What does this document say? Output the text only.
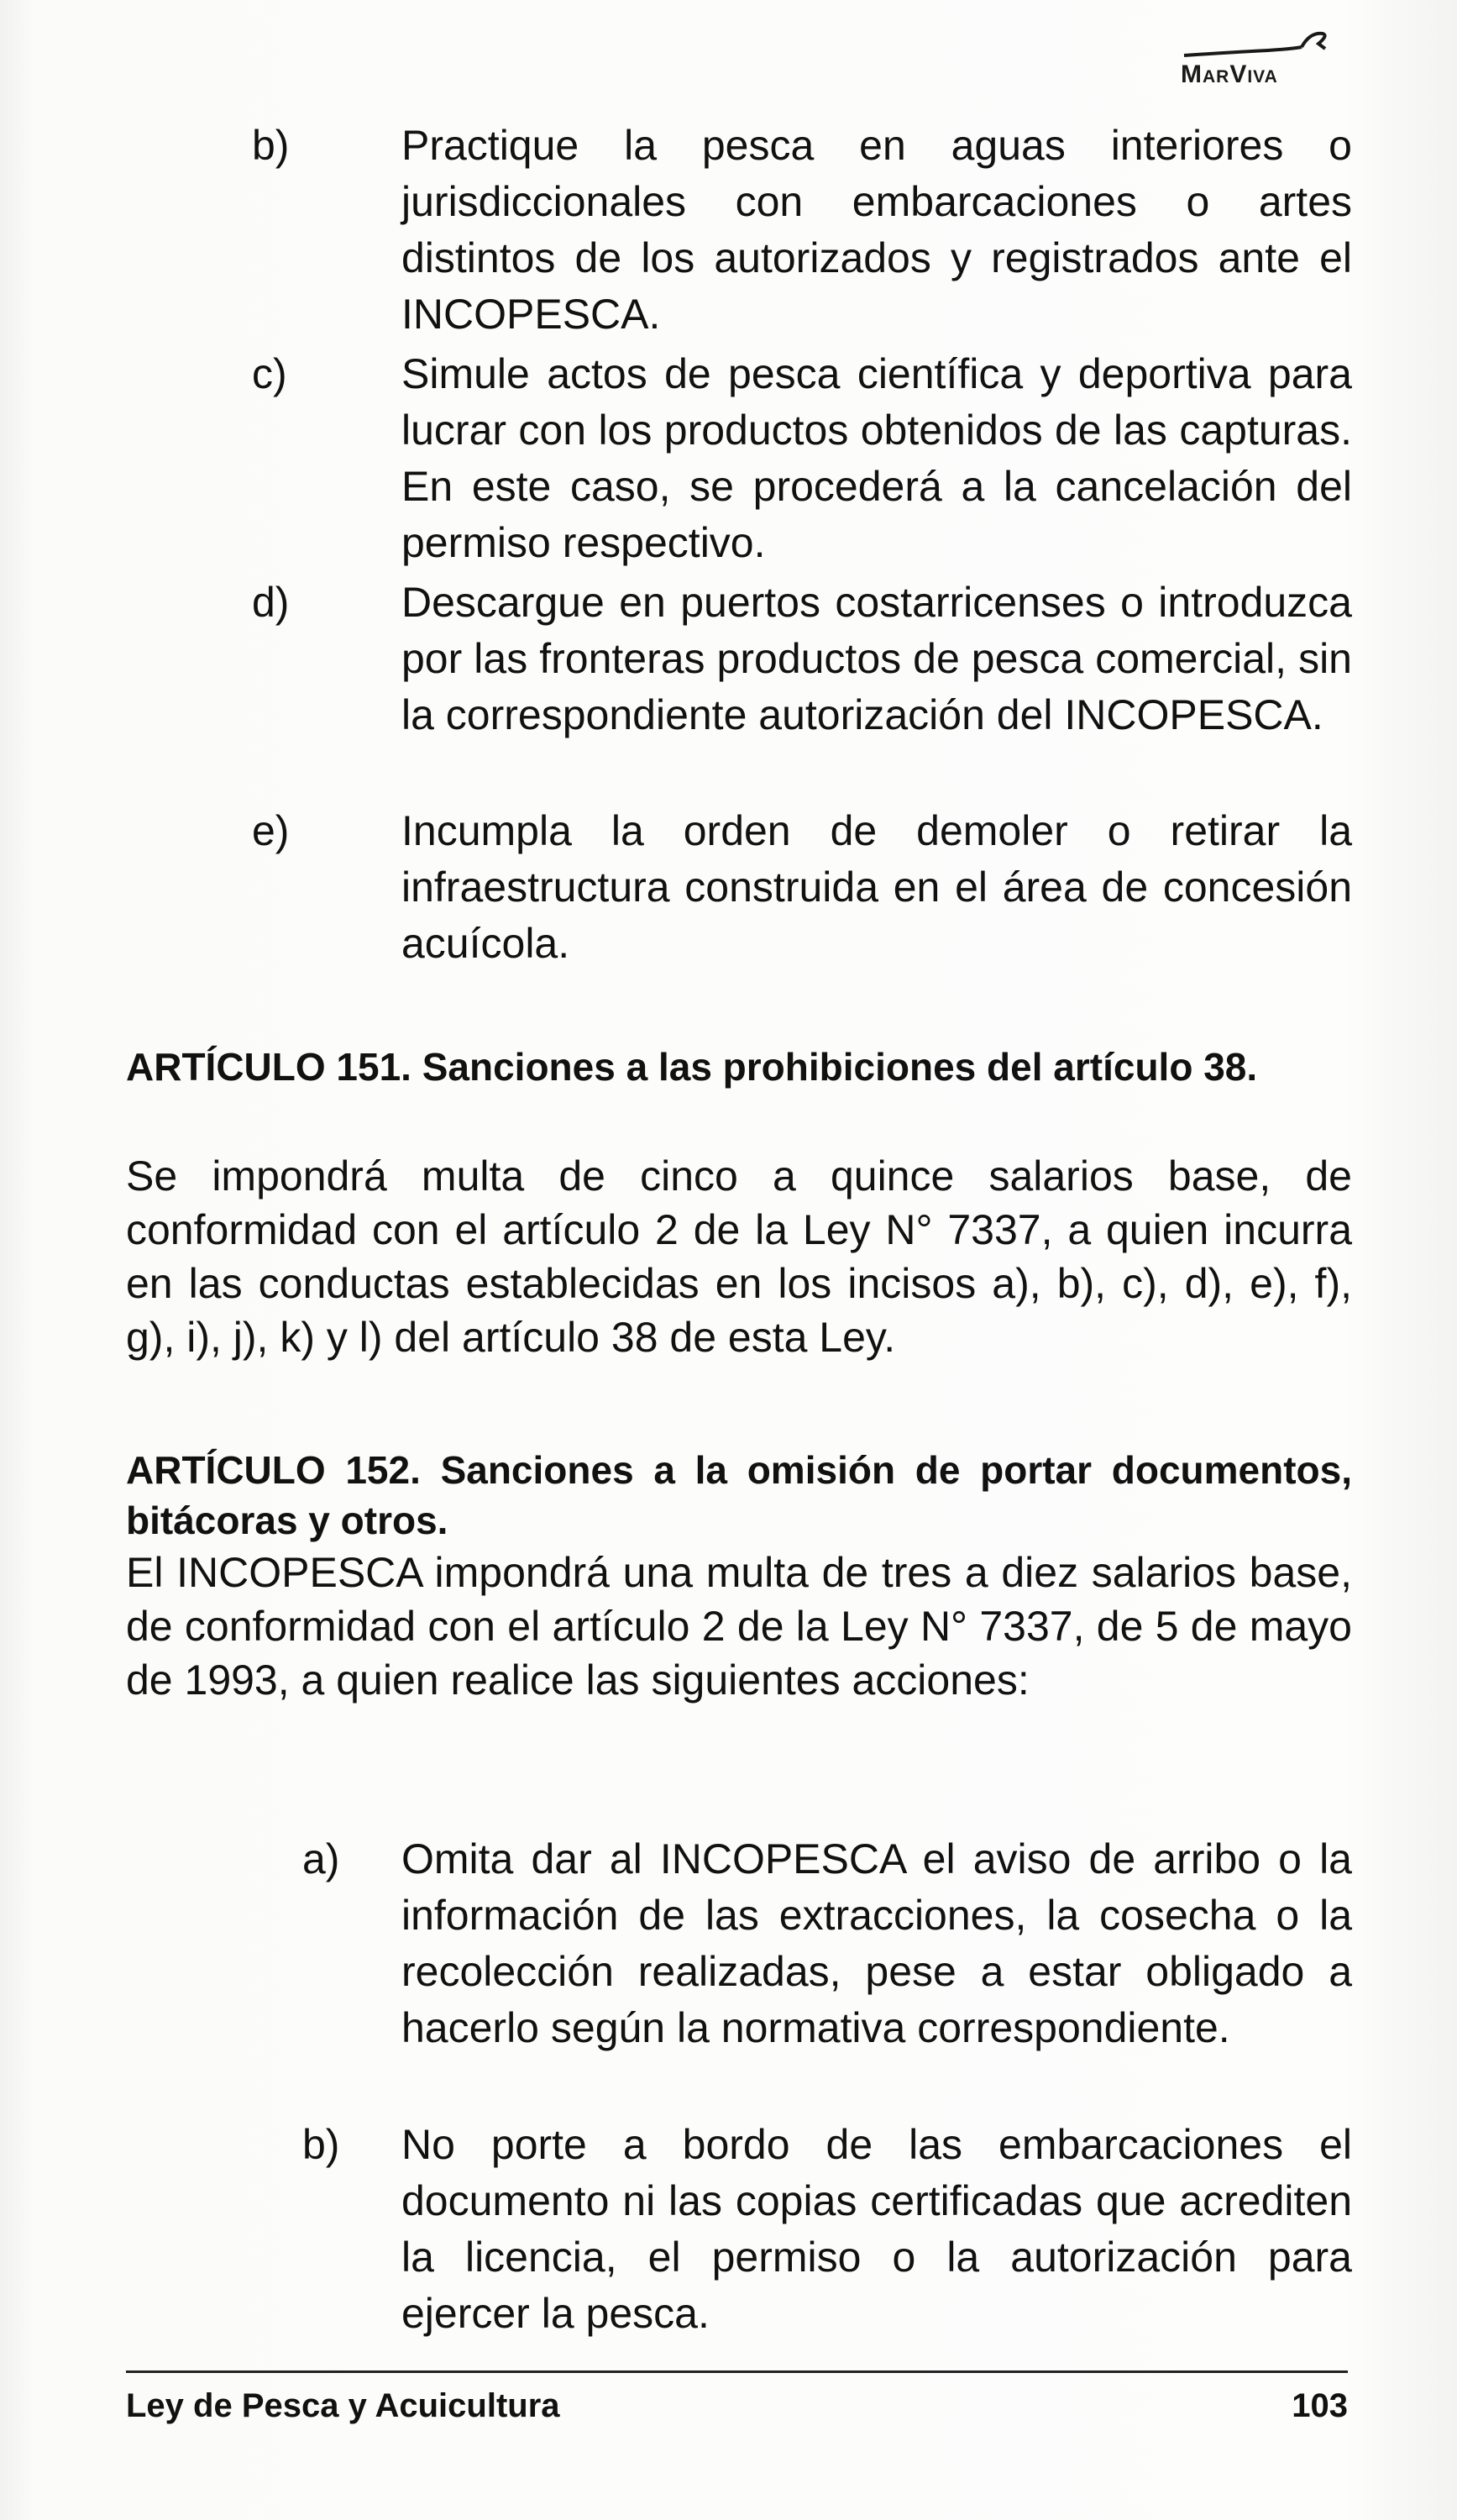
MarViva
b)	Practique la pesca en aguas interiores o jurisdiccionales con embarcaciones o artes distintos de los autorizados y registrados ante el INCOPESCA.
c)	Simule actos de pesca científica y deportiva para lucrar con los productos obtenidos de las capturas. En este caso, se procederá a la cancelación del permiso respectivo.
d)	Descargue en puertos costarricenses o introduzca por las fronteras productos de pesca comercial, sin la correspondiente autorización del INCOPESCA.
e)	Incumpla la orden de demoler o retirar la infraestructura construida en el área de concesión acuícola.
ARTÍCULO 151. Sanciones a las prohibiciones del artículo 38.
Se impondrá multa de cinco a quince salarios base, de conformidad con el artículo 2 de la Ley N° 7337, a quien incurra en las conductas establecidas en los incisos a), b), c), d), e), f), g), i), j), k) y l) del artículo 38 de esta Ley.
ARTÍCULO 152. Sanciones a la omisión de portar documentos, bitácoras y otros.
El INCOPESCA impondrá una multa de tres a diez salarios base, de conformidad con el artículo 2 de la Ley N° 7337, de 5 de mayo de 1993, a quien realice las siguientes acciones:
a)	Omita dar al INCOPESCA el aviso de arribo o la información de las extracciones, la cosecha o la recolección realizadas, pese a estar obligado a hacerlo según la normativa correspondiente.
b)	No porte a bordo de las embarcaciones el documento ni las copias certificadas que acrediten la licencia, el permiso o la autorización para ejercer la pesca.
Ley de Pesca y Acuicultura	103
